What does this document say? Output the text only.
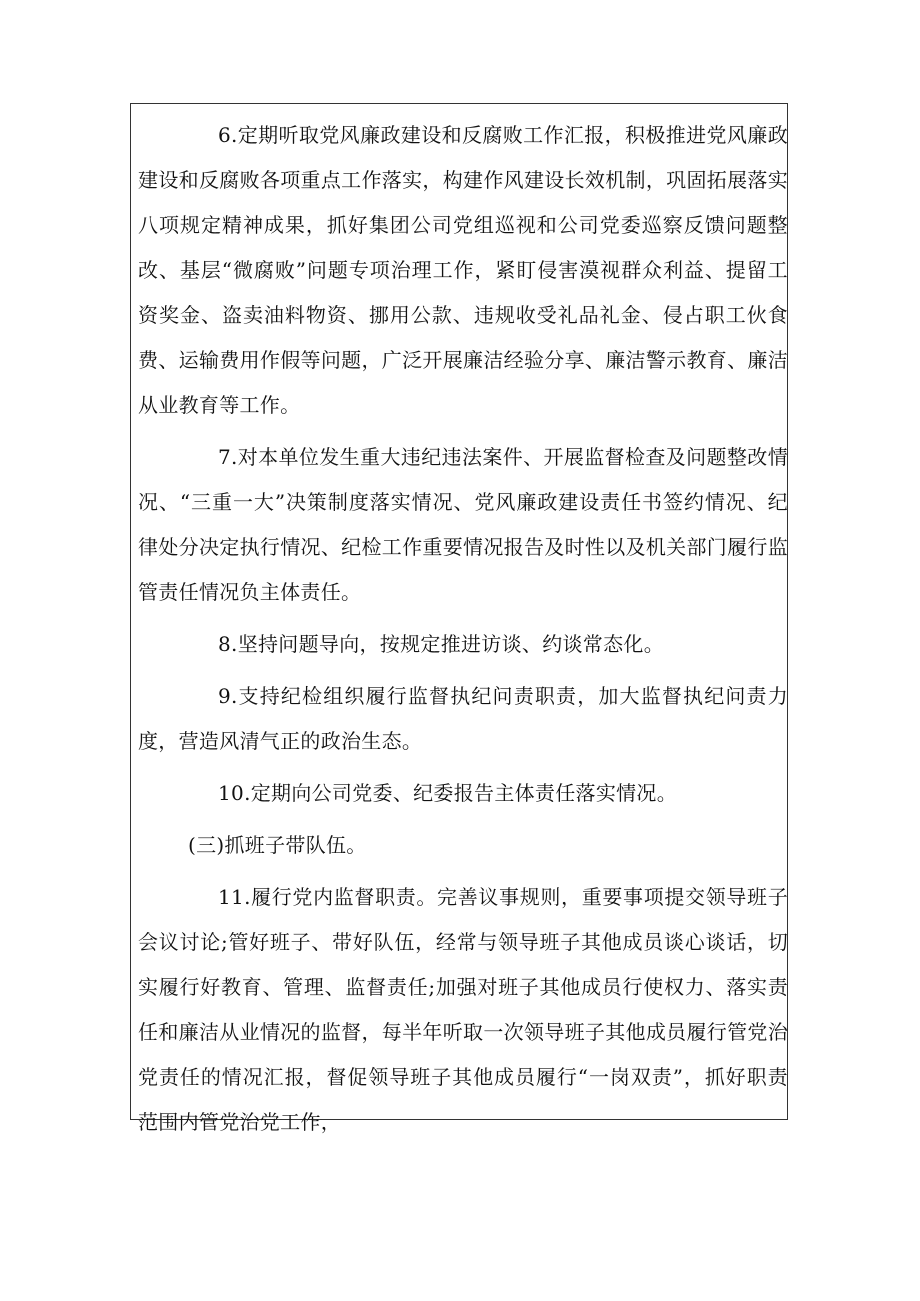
6.定期听取党风廉政建设和反腐败工作汇报，积极推进党风廉政建设和反腐败各项重点工作落实，构建作风建设长效机制，巩固拓展落实八项规定精神成果，抓好集团公司党组巡视和公司党委巡察反馈问题整改、基层“微腐败”问题专项治理工作，紧盯侵害漠视群众利益、提留工资奖金、盗卖油料物资、挪用公款、违规收受礼品礼金、侵占职工伙食费、运输费用作假等问题，广泛开展廉洁经验分享、廉洁警示教育、廉洁从业教育等工作。

7.对本单位发生重大违纪违法案件、开展监督检查及问题整改情况、“三重一大”决策制度落实情况、党风廉政建设责任书签约情况、纪律处分决定执行情况、纪检工作重要情况报告及时性以及机关部门履行监管责任情况负主体责任。

8.坚持问题导向，按规定推进访谈、约谈常态化。

9.支持纪检组织履行监督执纪问责职责，加大监督执纪问责力度，营造风清气正的政治生态。

10.定期向公司党委、纪委报告主体责任落实情况。

(三)抓班子带队伍。

11.履行党内监督职责。完善议事规则，重要事项提交领导班子会议讨论;管好班子、带好队伍，经常与领导班子其他成员谈心谈话，切实履行好教育、管理、监督责任;加强对班子其他成员行使权力、落实责任和廉洁从业情况的监督，每半年听取一次领导班子其他成员履行管党治党责任的情况汇报，督促领导班子其他成员履行“一岗双责”，抓好职责范围内管党治党工作，
